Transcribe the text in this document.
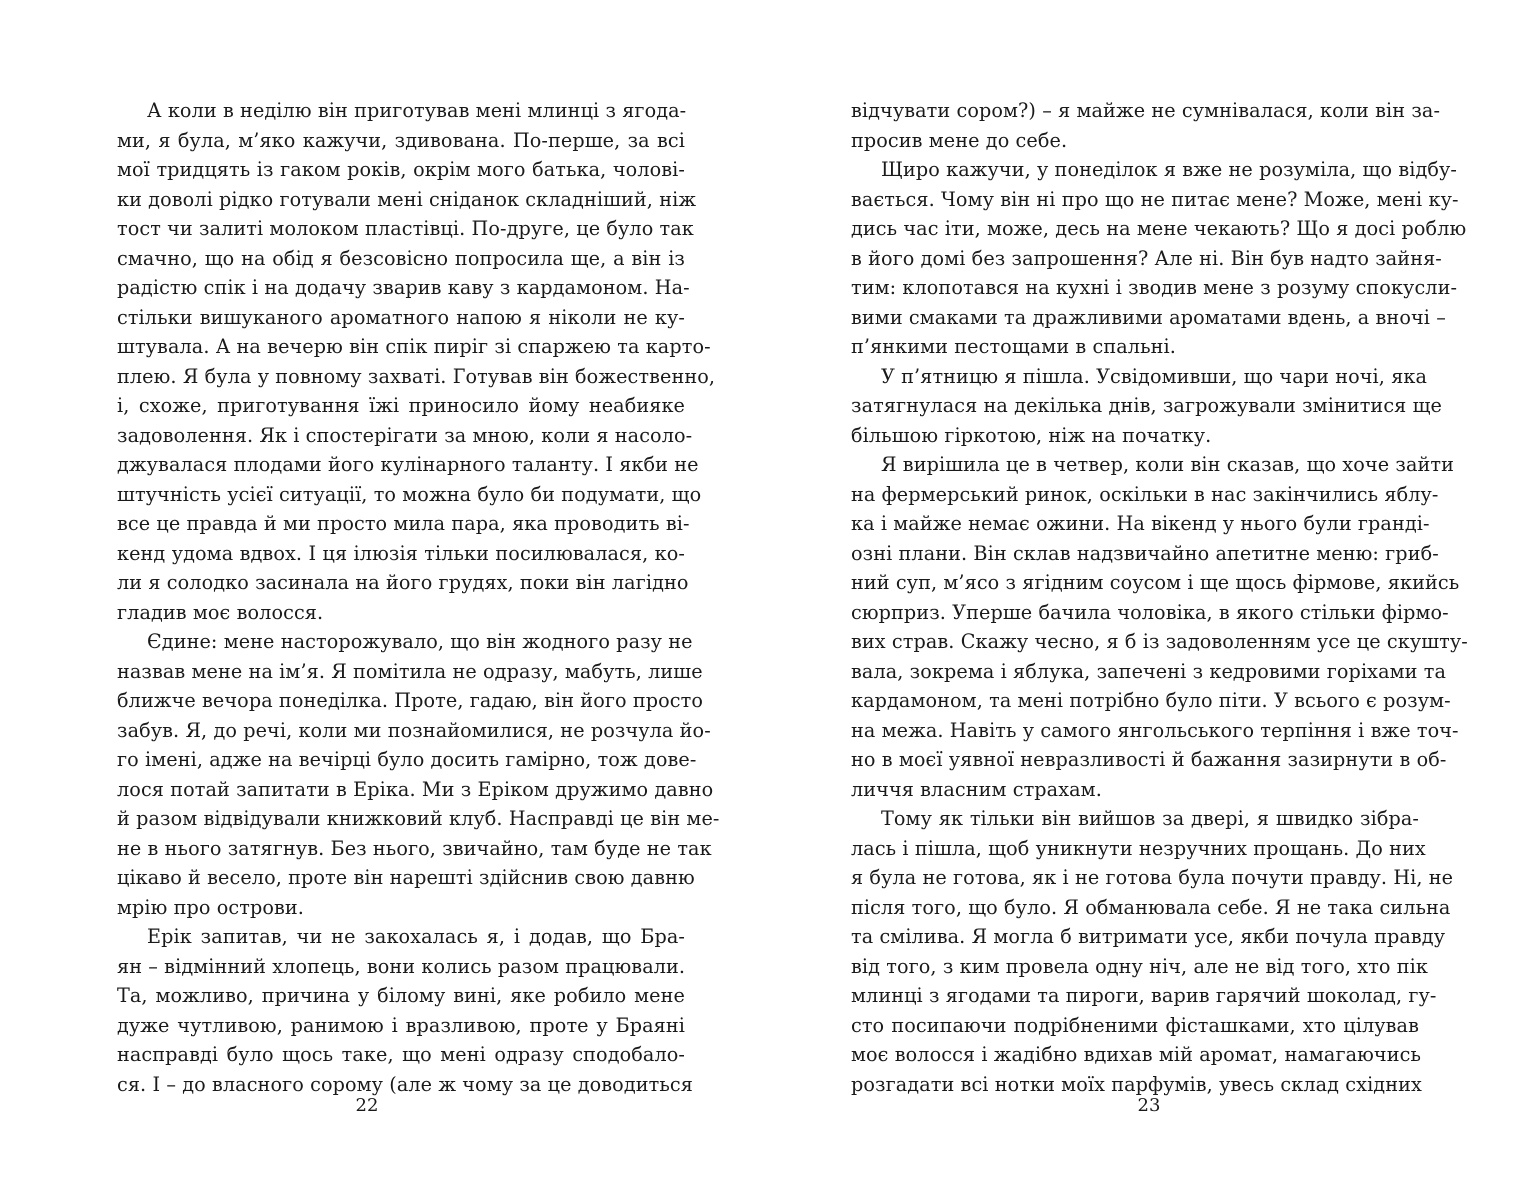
А коли в неділю він приготував мені млинці з ягода-
ми, я була, м’яко кажучи, здивована. По-перше, за всі
мої тридцять із гаком років, окрім мого батька, чолові-
ки доволі рідко готували мені сніданок складніший, ніж
тост чи залиті молоком пластівці. По-друге, це було так
смачно, що на обід я безсовісно попросила ще, а він із
радістю спік і на додачу зварив каву з кардамоном. На-
стільки вишуканого ароматного напою я ніколи не ку-
штувала. А на вечерю він спік пиріг зі спаржею та карто-
плею. Я була у повному захваті. Готував він божественно,
і, схоже, приготування їжі приносило йому неабияке
задоволення. Як і спостерігати за мною, коли я насоло-
джувалася плодами його кулінарного таланту. І якби не
штучність усієї ситуації, то можна було би подумати, що
все це правда й ми просто мила пара, яка проводить ві-
кенд удома вдвох. І ця ілюзія тільки посилювалася, ко-
ли я солодко засинала на його грудях, поки він лагідно
гладив моє волосся.
Єдине: мене насторожувало, що він жодного разу не
назвав мене на ім’я. Я помітила не одразу, мабуть, лише
ближче вечора понеділка. Проте, гадаю, він його просто
забув. Я, до речі, коли ми познайомилися, не розчула йо-
го імені, адже на вечірці було досить гамірно, тож дове-
лося потай запитати в Еріка. Ми з Еріком дружимо давно
й разом відвідували книжковий клуб. Насправді це він ме-
не в нього затягнув. Без нього, звичайно, там буде не так
цікаво й весело, проте він нарешті здійснив свою давню
мрію про острови.
Ерік запитав, чи не закохалась я, і додав, що Бра-
ян – відмінний хлопець, вони колись разом працювали.
Та, можливо, причина у білому вині, яке робило мене
дуже чутливою, ранимою і вразливою, проте у Браяні
насправді було щось таке, що мені одразу сподобало-
ся. І – до власного сорому (але ж чому за це доводиться
22
відчувати сором?) – я майже не сумнівалася, коли він за-
просив мене до себе.
Щиро кажучи, у понеділок я вже не розуміла, що відбу-
вається. Чому він ні про що не питає мене? Може, мені ку-
дись час іти, може, десь на мене чекають? Що я досі роблю
в його домі без запрошення? Але ні. Він був надто зайня-
тим: клопотався на кухні і зводив мене з розуму спокусли-
вими смаками та дражливими ароматами вдень, а вночі –
п’янкими пестощами в спальні.
У п’ятницю я пішла. Усвідомивши, що чари ночі, яка
затягнулася на декілька днів, загрожували змінитися ще
більшою гіркотою, ніж на початку.
Я вирішила це в четвер, коли він сказав, що хоче зайти
на фермерський ринок, оскільки в нас закінчились яблу-
ка і майже немає ожини. На вікенд у нього були гранді-
озні плани. Він склав надзвичайно апетитне меню: гриб-
ний суп, м’ясо з ягідним соусом і ще щось фірмове, якийсь
сюрприз. Уперше бачила чоловіка, в якого стільки фірмо-
вих страв. Скажу чесно, я б із задоволенням усе це скушту-
вала, зокрема і яблука, запечені з кедровими горіхами та
кардамоном, та мені потрібно було піти. У всього є розум-
на межа. Навіть у самого янгольського терпіння і вже точ-
но в моєї уявної невразливості й бажання зазирнути в об-
личчя власним страхам.
Тому як тільки він вийшов за двері, я швидко зібра-
лась і пішла, щоб уникнути незручних прощань. До них
я була не готова, як і не готова була почути правду. Ні, не
після того, що було. Я обманювала себе. Я не така сильна
та смілива. Я могла б витримати усе, якби почула правду
від того, з ким провела одну ніч, але не від того, хто пік
млинці з ягодами та пироги, варив гарячий шоколад, гу-
сто посипаючи подрібненими фісташками, хто цілував
моє волосся і жадібно вдихав мій аромат, намагаючись
розгадати всі нотки моїх парфумів, увесь склад східних
23
